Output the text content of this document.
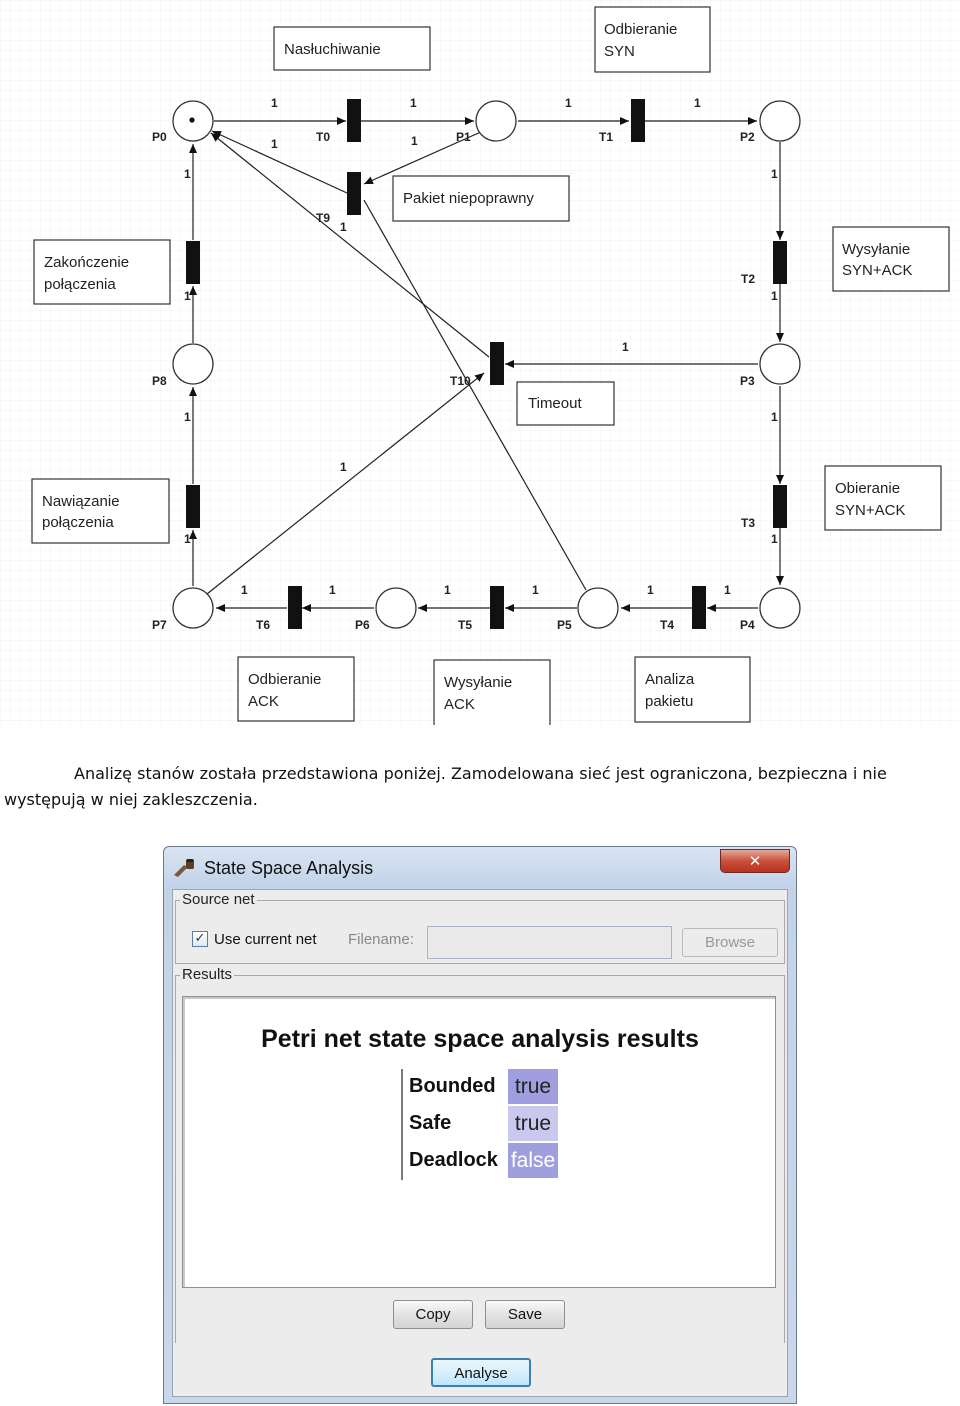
P0	P1	P2
P3
P4
P5
P6
P7
P8
T0	T1
T2
T3
T4
T5
T6
T9
T10
1	1	1	1
1	1
1
1
1
1
1
1
1
1
1
1
1
1
1
1
1
1
1
Nasłuchiwanie
Odbieranie
SYN
Pakiet niepoprawny
Wysyłanie
SYN+ACK
Zakończenie
połączenia
Timeout
Obieranie
SYN+ACK
Nawiązanie
połączenia
Odbieranie
ACK
Wysyłanie
ACK
Analiza
pakietu
Analizę stanów została przedstawiona poniżej. Zamodelowana sieć jest ograniczona, bezpieczna i nie występują w niej zakleszczenia.
State Space Analysis	✕
Source net
✓ Use current net Filename:	Browse
Results
Petri net state space analysis results
Bounded true
Safe	true
Deadlock false
Copy	Save
Analyse
